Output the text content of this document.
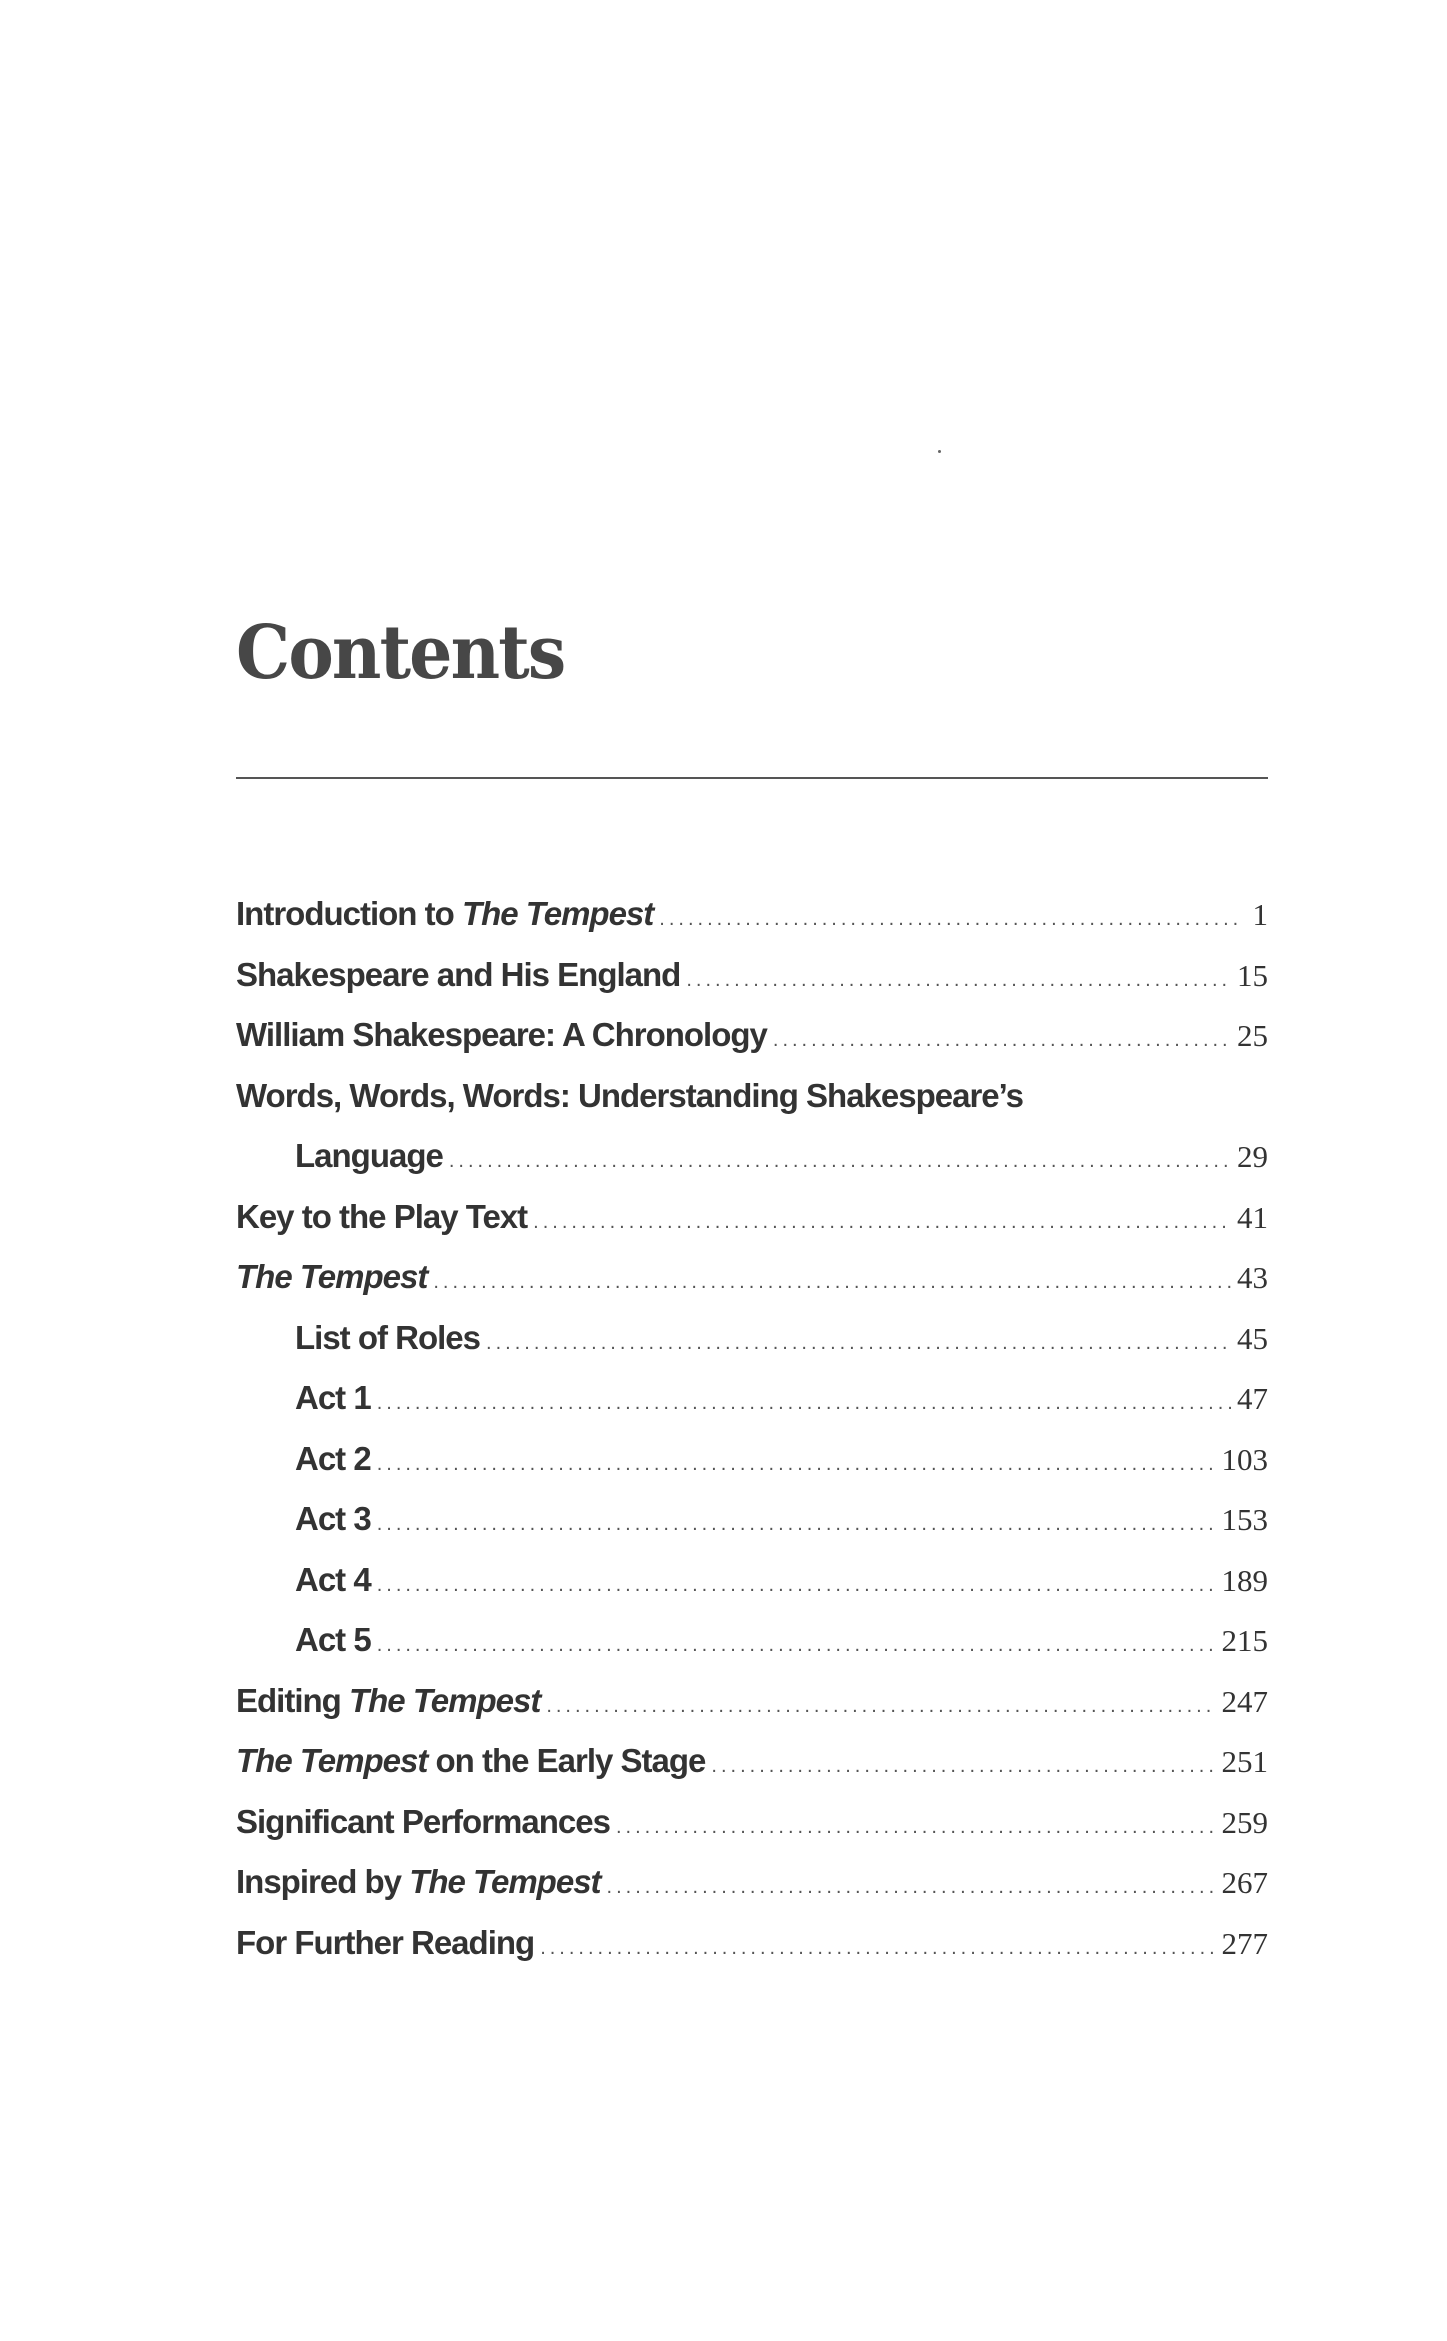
Contents
Introduction to The Tempest .....	1
Shakespeare and His England .....	15
William Shakespeare: A Chronology .....	25
Words, Words, Words: Understanding Shakespeare’s
Language .....	29
Key to the Play Text .....	41
The Tempest .....	43
List of Roles .....	45
Act 1 .....	47
Act 2 .....	103
Act 3 .....	153
Act 4 .....	189
Act 5 .....	215
Editing The Tempest .....	247
The Tempest on the Early Stage .....	251
Significant Performances .....	259
Inspired by The Tempest .....	267
For Further Reading .....	277
